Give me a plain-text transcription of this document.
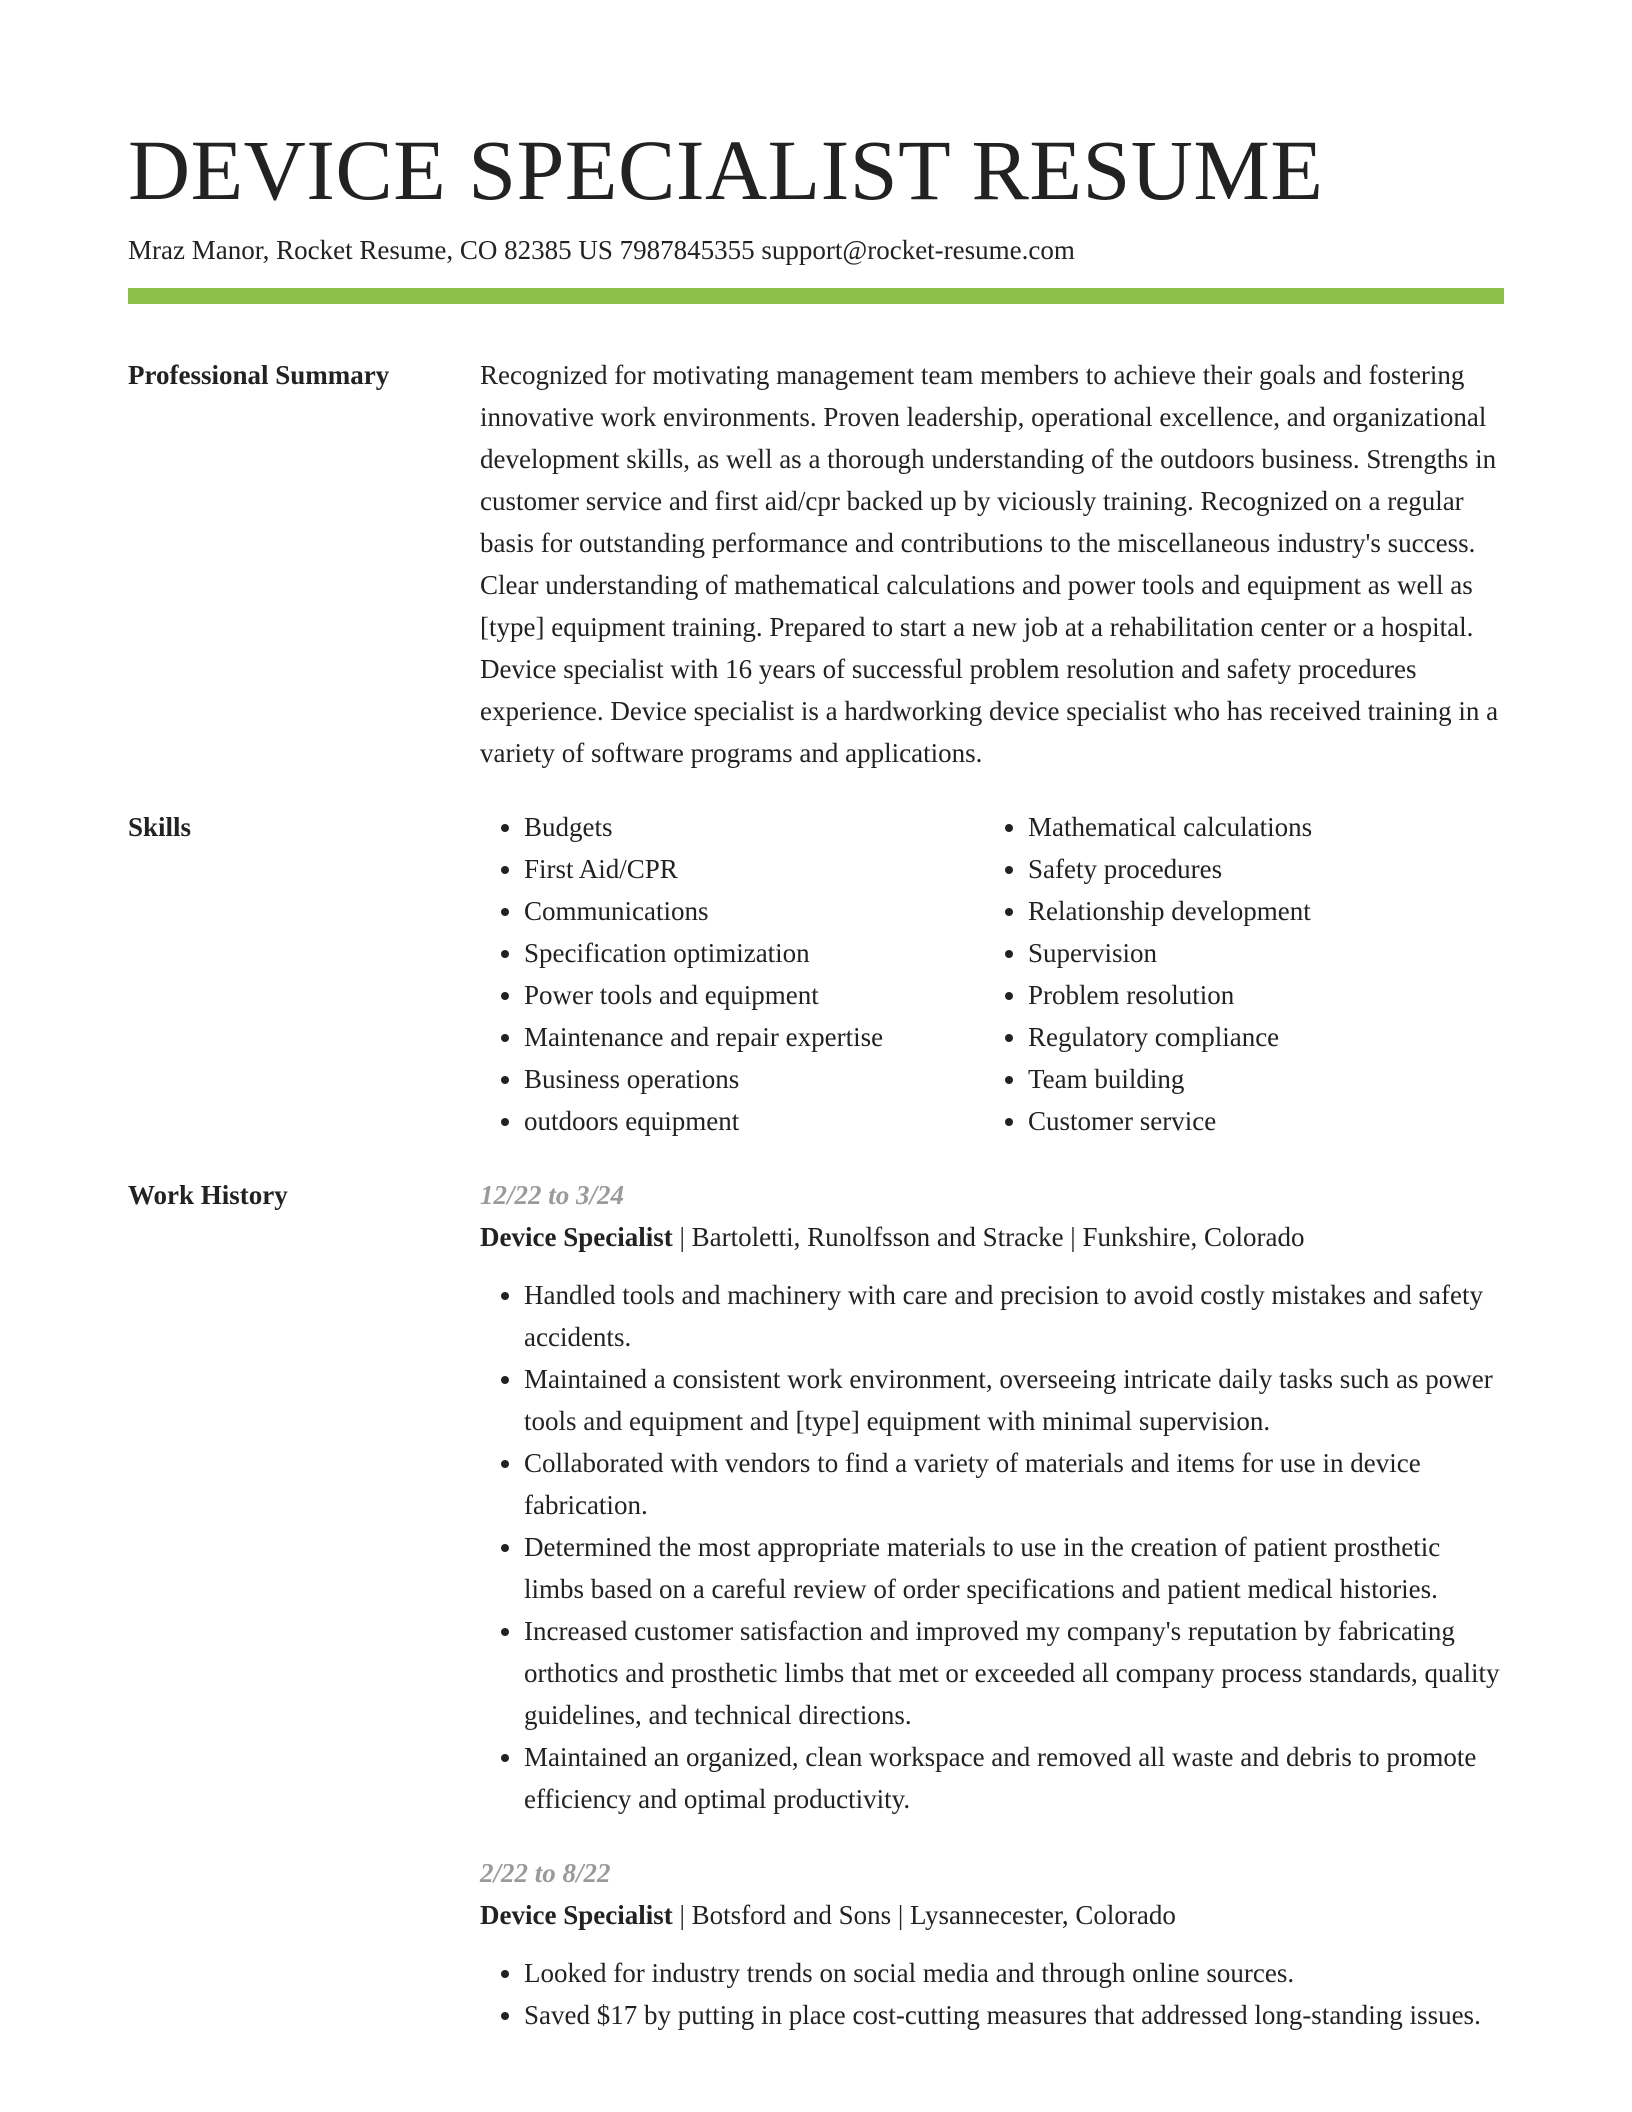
DEVICE SPECIALIST RESUME
Mraz Manor, Rocket Resume, CO 82385 US 7987845355 support@rocket-resume.com
Professional Summary	Recognized for motivating management team members to achieve their goals and fostering innovative work environments. Proven leadership, operational excellence, and organizational development skills, as well as a thorough understanding of the outdoors business. Strengths in customer service and first aid/cpr backed up by viciously training. Recognized on a regular basis for outstanding performance and contributions to the miscellaneous industry's success. Clear understanding of mathematical calculations and power tools and equipment as well as [type] equipment training. Prepared to start a new job at a rehabilitation center or a hospital. Device specialist with 16 years of successful problem resolution and safety procedures experience. Device specialist is a hardworking device specialist who has received training in a variety of software programs and applications.

Skills
•	Budgets
• First Aid/CPR
• Communications
• Specification optimization
• Power tools and equipment
• Maintenance and repair expertise
• Business operations
• outdoors equipment
• Mathematical calculations
• Safety procedures
• Relationship development
• Supervision
• Problem resolution
• Regulatory compliance
• Team building
• Customer service
Work History	12/22 to 3/24
Device Specialist | Bartoletti, Runolfsson and Stracke | Funkshire, Colorado
• Handled tools and machinery with care and precision to avoid costly mistakes and safety accidents.
• Maintained a consistent work environment, overseeing intricate daily tasks such as power tools and equipment and [type] equipment with minimal supervision.
• Collaborated with vendors to find a variety of materials and items for use in device fabrication.
• Determined the most appropriate materials to use in the creation of patient prosthetic limbs based on a careful review of order specifications and patient medical histories.
• Increased customer satisfaction and improved my company's reputation by fabricating orthotics and prosthetic limbs that met or exceeded all company process standards, quality guidelines, and technical directions.
• Maintained an organized, clean workspace and removed all waste and debris to promote efficiency and optimal productivity.
2/22 to 8/22
Device Specialist | Botsford and Sons | Lysannecester, Colorado
• Looked for industry trends on social media and through online sources.
• Saved $17 by putting in place cost-cutting measures that addressed long-standing issues.
